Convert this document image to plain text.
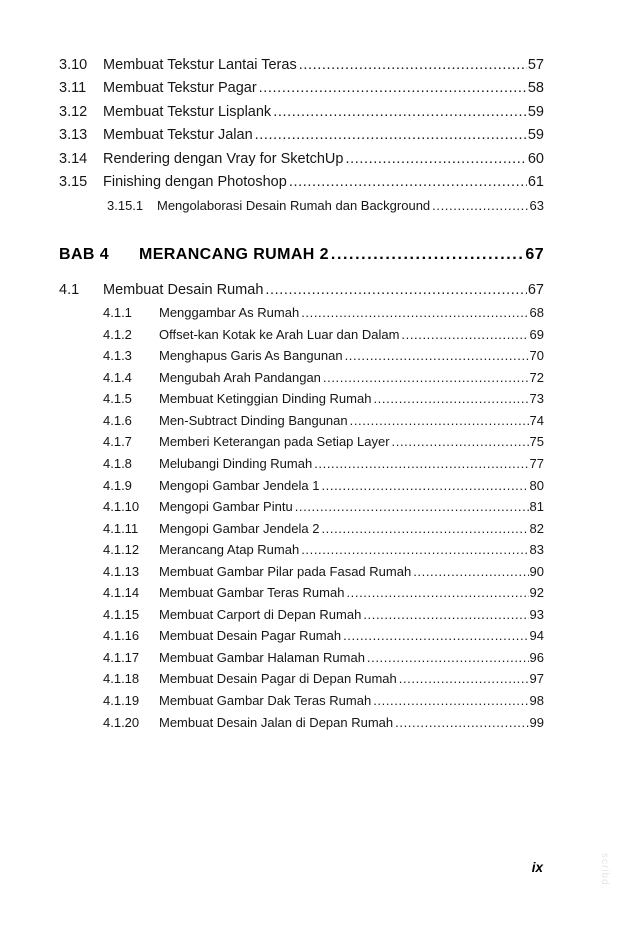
3.10	Membuat Tekstur Lantai Teras .....	57
3.11	Membuat Tekstur Pagar .....	58
3.12	Membuat Tekstur Lisplank .....	59
3.13	Membuat Tekstur Jalan .....	59
3.14	Rendering dengan Vray for SketchUp .....	60
3.15	Finishing dengan Photoshop .....	61
3.15.1	Mengolaborasi Desain Rumah dan Background .....	63
BAB 4	MERANCANG RUMAH 2 .....	67
4.1	Membuat Desain Rumah .....	67
4.1.1	Menggambar As Rumah .....	68
4.1.2	Offset-kan Kotak ke Arah Luar dan Dalam .....	69
4.1.3	Menghapus Garis As Bangunan .....	70
4.1.4	Mengubah Arah Pandangan .....	72
4.1.5	Membuat Ketinggian Dinding Rumah .....	73
4.1.6	Men-Subtract Dinding Bangunan .....	74
4.1.7	Memberi Keterangan pada Setiap Layer .....	75
4.1.8	Melubangi Dinding Rumah .....	77
4.1.9	Mengopi Gambar Jendela 1 .....	80
4.1.10	Mengopi Gambar Pintu .....	81
4.1.11	Mengopi Gambar Jendela 2 .....	82
4.1.12	Merancang Atap Rumah .....	83
4.1.13	Membuat Gambar Pilar pada Fasad Rumah .....	90
4.1.14	Membuat Gambar Teras Rumah .....	92
4.1.15	Membuat Carport di Depan Rumah .....	93
4.1.16	Membuat Desain Pagar Rumah .....	94
4.1.17	Membuat Gambar Halaman Rumah .....	96
4.1.18	Membuat Desain Pagar di Depan Rumah .....	97
4.1.19	Membuat Gambar Dak Teras Rumah .....	98
4.1.20	Membuat Desain Jalan di Depan Rumah .....	99
ix	scribd.
